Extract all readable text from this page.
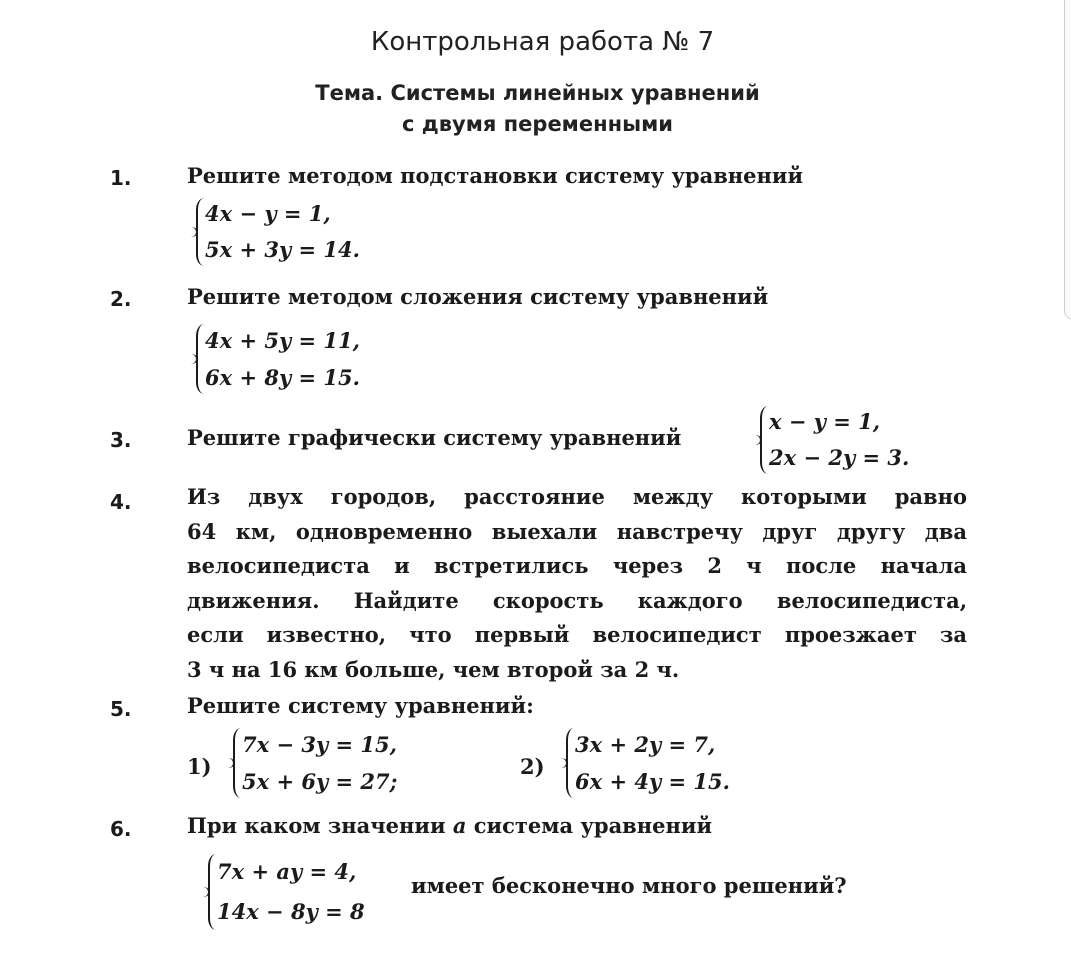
Контрольная работа № 7
Тема. Системы линейных уравнений
с двумя переменными
1.	Решите методом подстановки систему уравнений
4x − y = 1,
5x + 3y = 14.
2.	Решите методом сложения систему уравнений
4x + 5y = 11,
6x + 8y = 15.
3.	Решите графически систему уравнений
x − y = 1,
2x − 2y = 3.
4.	Из двух городов, расстояние между которыми равно
64 км, одновременно выехали навстречу друг другу два
велосипедиста и встретились через 2 ч после начала
движения. Найдите скорость каждого велосипедиста,
если известно, что первый велосипедист проезжает за
3 ч на 16 км больше, чем второй за 2 ч.
5.	Решите систему уравнений:
1)
7x − 3y = 15,
5x + 6y = 27;
2)
3x + 2y = 7,
6x + 4y = 15.
6.	При каком значении a система уравнений
7x + ay = 4,
14x − 8y = 8
имеет бесконечно много решений?
